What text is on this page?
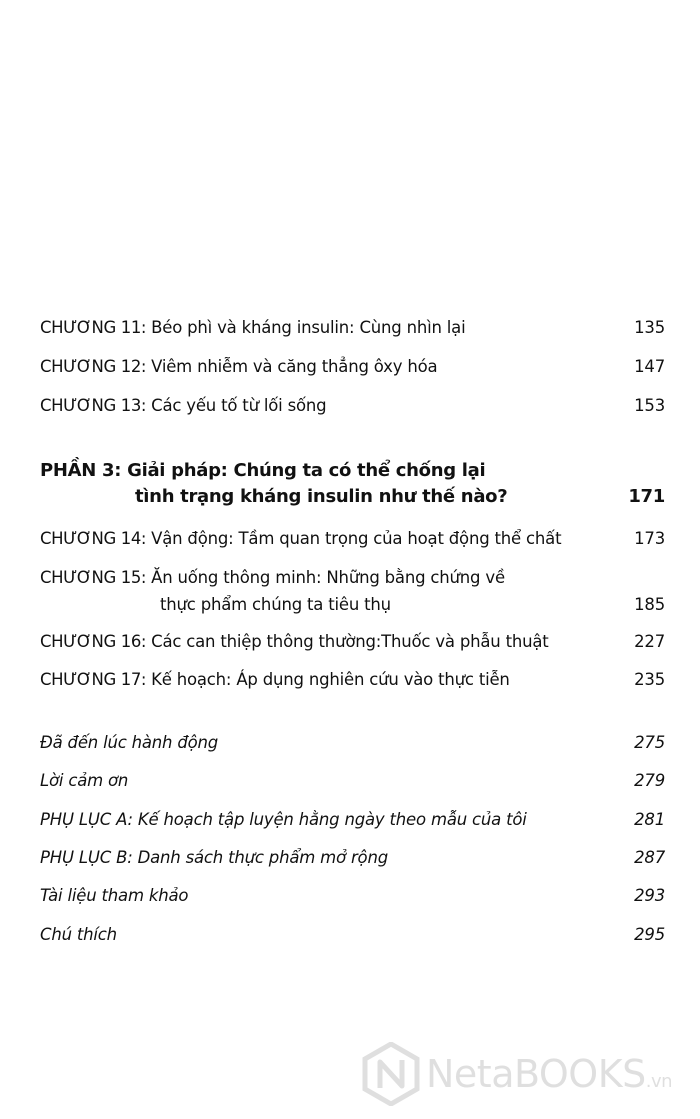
CHƯƠNG 11: Béo phì và kháng insulin: Cùng nhìn lại	135
CHƯƠNG 12: Viêm nhiễm và căng thẳng ôxy hóa	147
CHƯƠNG 13: Các yếu tố từ lối sống	153
PHẦN 3: Giải pháp: Chúng ta có thể chống lại
tình trạng kháng insulin như thế nào?	171
CHƯƠNG 14: Vận động: Tầm quan trọng của hoạt động thể chất	173
CHƯƠNG 15: Ăn uống thông minh: Những bằng chứng về
thực phẩm chúng ta tiêu thụ	185
CHƯƠNG 16: Các can thiệp thông thường:Thuốc và phẫu thuật	227
CHƯƠNG 17: Kế hoạch: Áp dụng nghiên cứu vào thực tiễn	235
Đã đến lúc hành động	275
Lời cảm ơn	279
PHỤ LỤC A: Kế hoạch tập luyện hằng ngày theo mẫu của tôi	281
PHỤ LỤC B: Danh sách thực phẩm mở rộng	287
Tài liệu tham khảo	293
Chú thích	295
NetaBOOKS.vn
